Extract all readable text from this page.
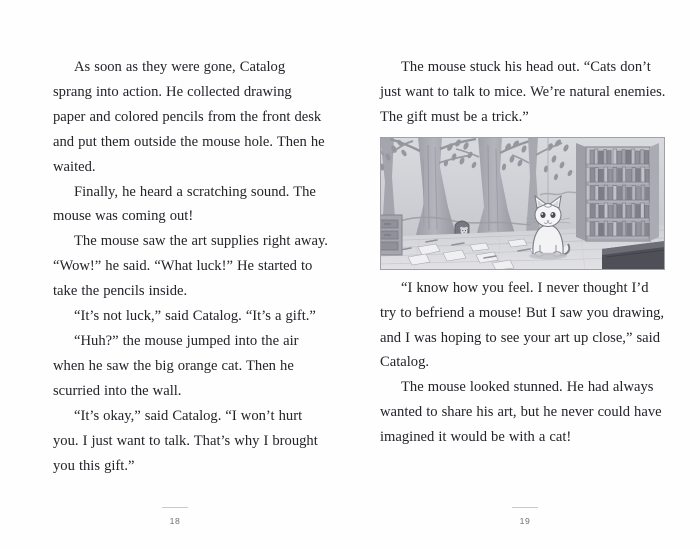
As soon as they were gone, Catalog sprang into action. He collected drawing paper and colored pencils from the front desk and put them outside the mouse hole. Then he waited.

Finally, he heard a scratching sound. The mouse was coming out!

The mouse saw the art supplies right away. “Wow!” he said. “What luck!” He started to take the pencils inside.

“It’s not luck,” said Catalog. “It’s a gift.”

“Huh?” the mouse jumped into the air when he saw the big orange cat. Then he scurried into the wall.

“It’s okay,” said Catalog. “I won’t hurt you. I just want to talk. That’s why I brought you this gift.”

18

The mouse stuck his head out. “Cats don’t just want to talk to mice. We’re natural enemies. The gift must be a trick.”

“I know how you feel. I never thought I’d try to befriend a mouse! But I saw you drawing, and I was hoping to see your art up close,” said Catalog.

The mouse looked stunned. He had always wanted to share his art, but he never could have imagined it would be with a cat!

19
